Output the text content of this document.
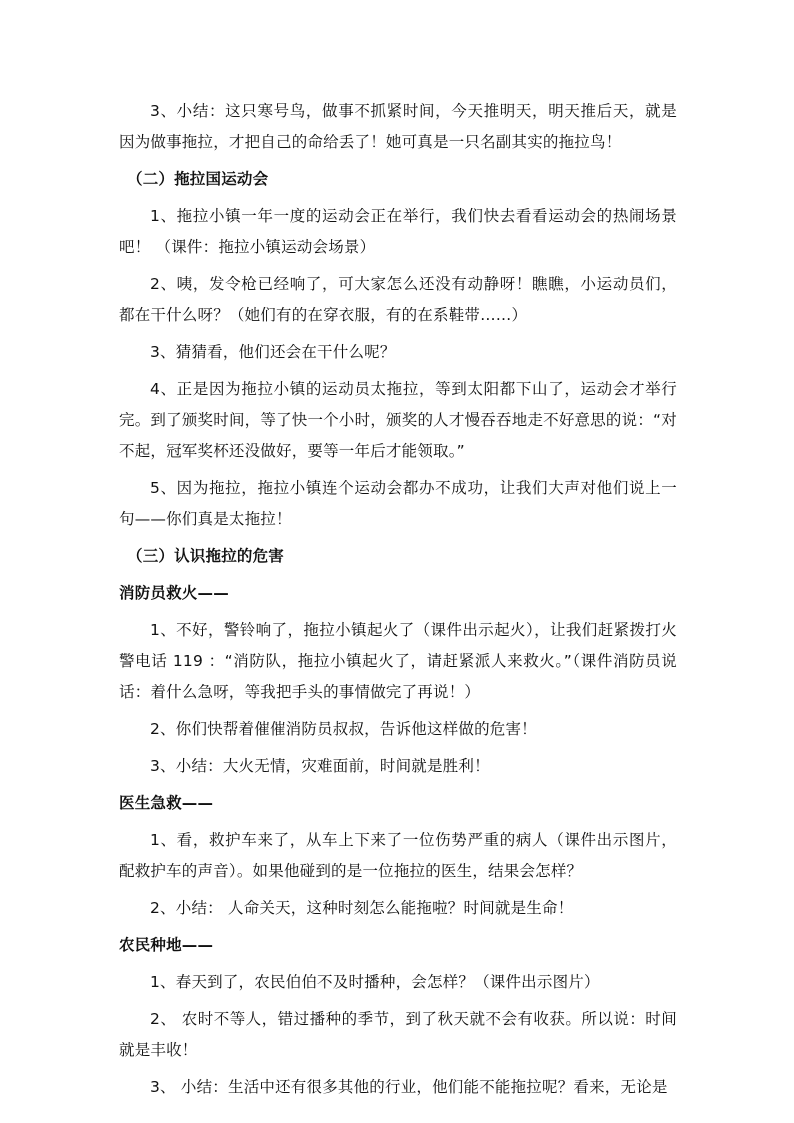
3、小结：这只寒号鸟，做事不抓紧时间，今天推明天，明天推后天，就是因为做事拖拉，才把自己的命给丢了！她可真是一只名副其实的拖拉鸟！

（二）拖拉国运动会

1、拖拉小镇一年一度的运动会正在举行，我们快去看看运动会的热闹场景吧！ （课件：拖拉小镇运动会场景）

2、咦，发令枪已经响了，可大家怎么还没有动静呀！瞧瞧，小运动员们，都在干什么呀？（她们有的在穿衣服，有的在系鞋带……）

3、猜猜看，他们还会在干什么呢？

4、正是因为拖拉小镇的运动员太拖拉，等到太阳都下山了，运动会才举行完。到了颁奖时间，等了快一个小时，颁奖的人才慢吞吞地走不好意思的说：“对不起，冠军奖杯还没做好，要等一年后才能领取。”

5、因为拖拉，拖拉小镇连个运动会都办不成功，让我们大声对他们说上一句——你们真是太拖拉！

（三）认识拖拉的危害

消防员救火——

1、不好，警铃响了，拖拉小镇起火了（课件出示起火），让我们赶紧拨打火警电话 119 ：“消防队，拖拉小镇起火了，请赶紧派人来救火。”（课件消防员说话：着什么急呀，等我把手头的事情做完了再说！）

2、你们快帮着催催消防员叔叔，告诉他这样做的危害！

3、小结：大火无情，灾难面前，时间就是胜利！

医生急救——

1、看，救护车来了，从车上下来了一位伤势严重的病人（课件出示图片，配救护车的声音）。如果他碰到的是一位拖拉的医生，结果会怎样？

2、小结： 人命关天，这种时刻怎么能拖啦？时间就是生命！

农民种地——

1、春天到了，农民伯伯不及时播种，会怎样？（课件出示图片）

2、 农时不等人，错过播种的季节，到了秋天就不会有收获。所以说：时间就是丰收！

3、 小结：生活中还有很多其他的行业，他们能不能拖拉呢？看来，无论是
